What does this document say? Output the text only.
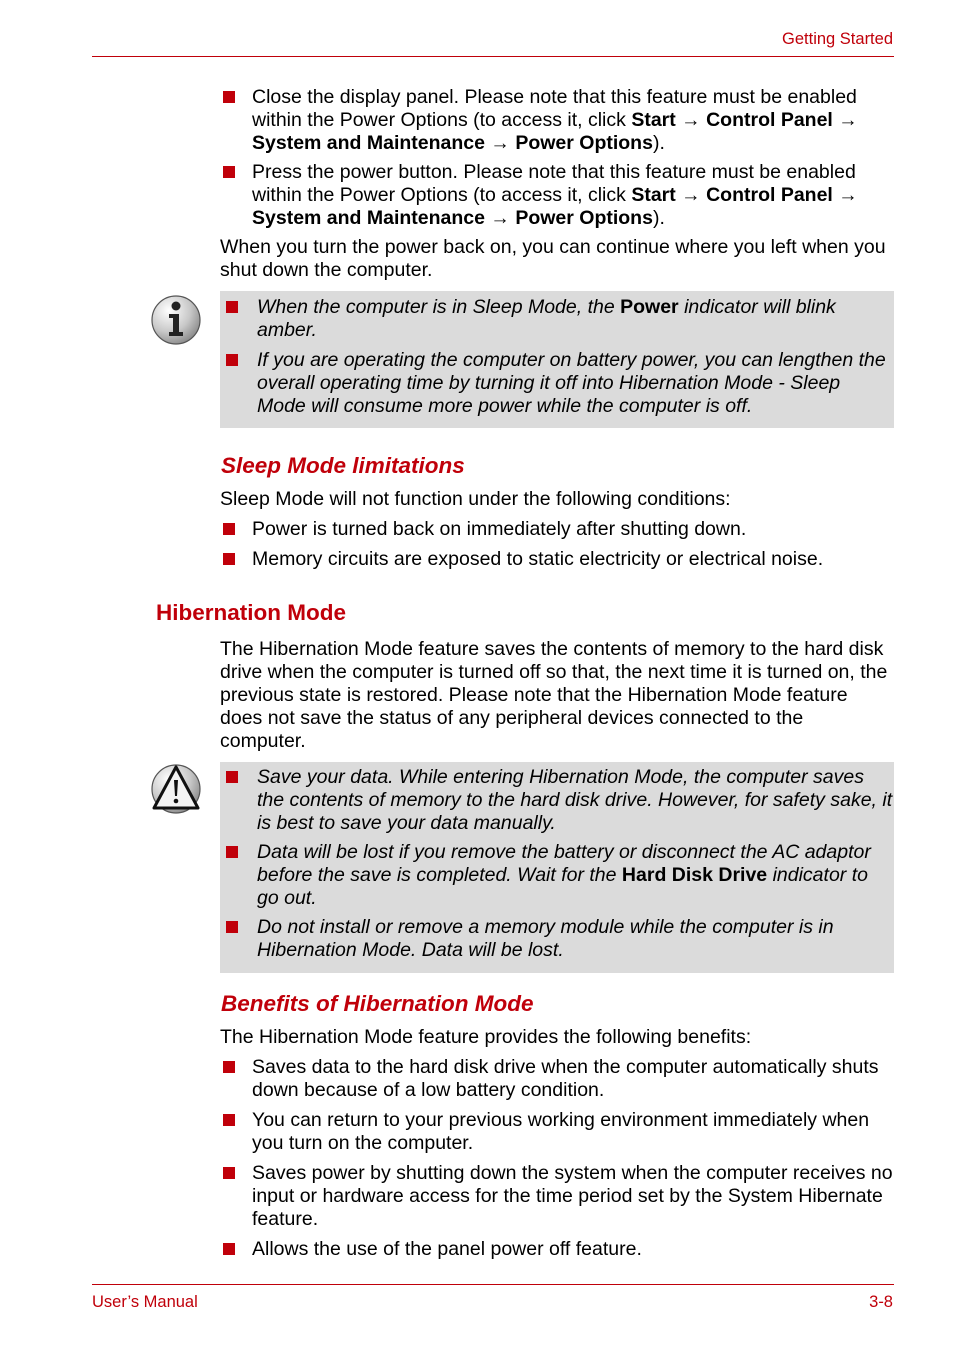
Getting Started
Close the display panel. Please note that this feature must be enabled within the Power Options (to access it, click Start → Control Panel →
System and Maintenance → Power Options).
Press the power button. Please note that this feature must be enabled within the Power Options (to access it, click Start → Control Panel →
System and Maintenance → Power Options).
When you turn the power back on, you can continue where you left when you shut down the computer.
When the computer is in Sleep Mode, the Power indicator will blink amber.
If you are operating the computer on battery power, you can lengthen the overall operating time by turning it off into Hibernation Mode - Sleep Mode will consume more power while the computer is off.
Sleep Mode limitations
Sleep Mode will not function under the following conditions:
Power is turned back on immediately after shutting down.
Memory circuits are exposed to static electricity or electrical noise.
Hibernation Mode
The Hibernation Mode feature saves the contents of memory to the hard disk drive when the computer is turned off so that, the next time it is turned on, the previous state is restored. Please note that the Hibernation Mode feature does not save the status of any peripheral devices connected to the computer.
Save your data. While entering Hibernation Mode, the computer saves the contents of memory to the hard disk drive. However, for safety sake, it is best to save your data manually.
Data will be lost if you remove the battery or disconnect the AC adaptor before the save is completed. Wait for the Hard Disk Drive indicator to go out.
Do not install or remove a memory module while the computer is in Hibernation Mode. Data will be lost.
Benefits of Hibernation Mode
The Hibernation Mode feature provides the following benefits:
Saves data to the hard disk drive when the computer automatically shuts down because of a low battery condition.
You can return to your previous working environment immediately when you turn on the computer.
Saves power by shutting down the system when the computer receives no input or hardware access for the time period set by the System Hibernate feature.
Allows the use of the panel power off feature.
User’s Manual	3-8
